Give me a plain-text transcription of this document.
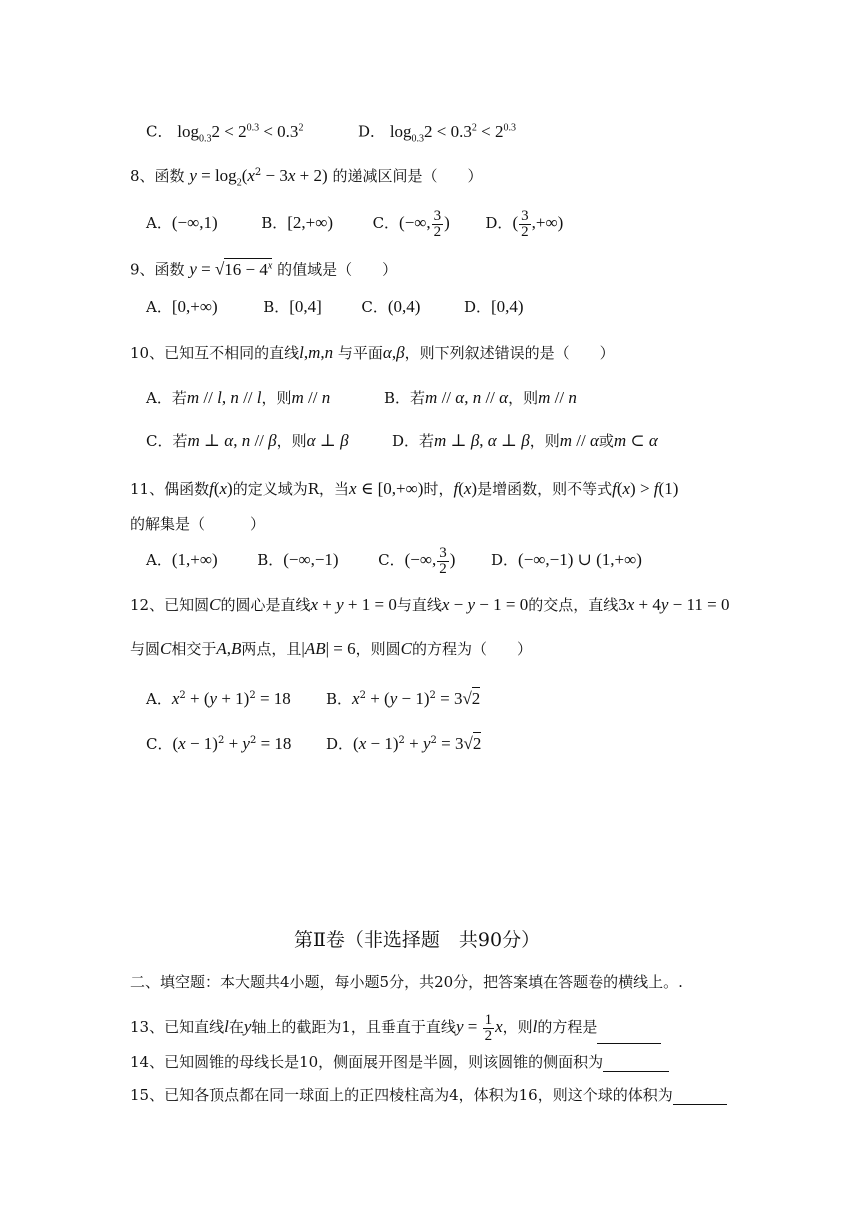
C． $\log_{0.3}2 < 2^{0.3} < 0.3^2$	D． $\log_{0.3}2 < 0.3^2 < 2^{0.3}$
8、函数 $y = \log_2(x^2 - 3x + 2)$ 的递减区间是（　　）
A．(−∞,1)	B．[2,+∞)	C．(−∞, $\frac{3}{2}$ ) D．( $\frac{3}{2}$ ,+∞)
9、函数 $y = √16 - 4^x$ 的值域是（　　）
A．[0,+∞)	B．[0,4]	C．(0,4)	D．[0,4)
10、已知互不相同的直线l,m,n 与平面α,β，则下列叙述错误的是（　　）
A．若m // l, n // l，则m // n	B．若m // α, n // α，则m // n
C．若m ⊥ α, n // β，则α ⊥ β	D．若m ⊥ β, α ⊥ β，则m // α或m ⊂ α
11、偶函数f(x)的定义域为R，当x ∈ [0,+∞)时，f(x)是增函数，则不等式f(x) > f(1)
的解集是（　　　）
A．(1,+∞)	B．(−∞,−1)	C．(−∞, $\frac{3}{2}$ ) D．(−∞,−1) ∪ (1,+∞)
12、已知圆C的圆心是直线x + y + 1 = 0与直线x − y − 1 = 0的交点，直线3x + 4y − 11 = 0
与圆C相交于A,B两点，且|AB| = 6，则圆C的方程为（　　）
A．$x^2 + (y + 1)^2 = 18$ B．$x^2 + (y - 1)^2 = 3√2$
C．$(x - 1)^2 + y^2 = 18$ D．$(x - 1)^2 + y^2 = 3√2$
第Ⅱ卷（非选择题　共90分）
二、填空题：本大题共4小题，每小题5分，共20分，把答案填在答题卷的横线上。.
13、已知直线l在y轴上的截距为1，且垂直于直线$y = \frac{1}{2}$ x，则l的方程是
14、已知圆锥的母线长是10，侧面展开图是半圆，则该圆锥的侧面积为
15、已知各顶点都在同一球面上的正四棱柱高为4，体积为16，则这个球的体积为
